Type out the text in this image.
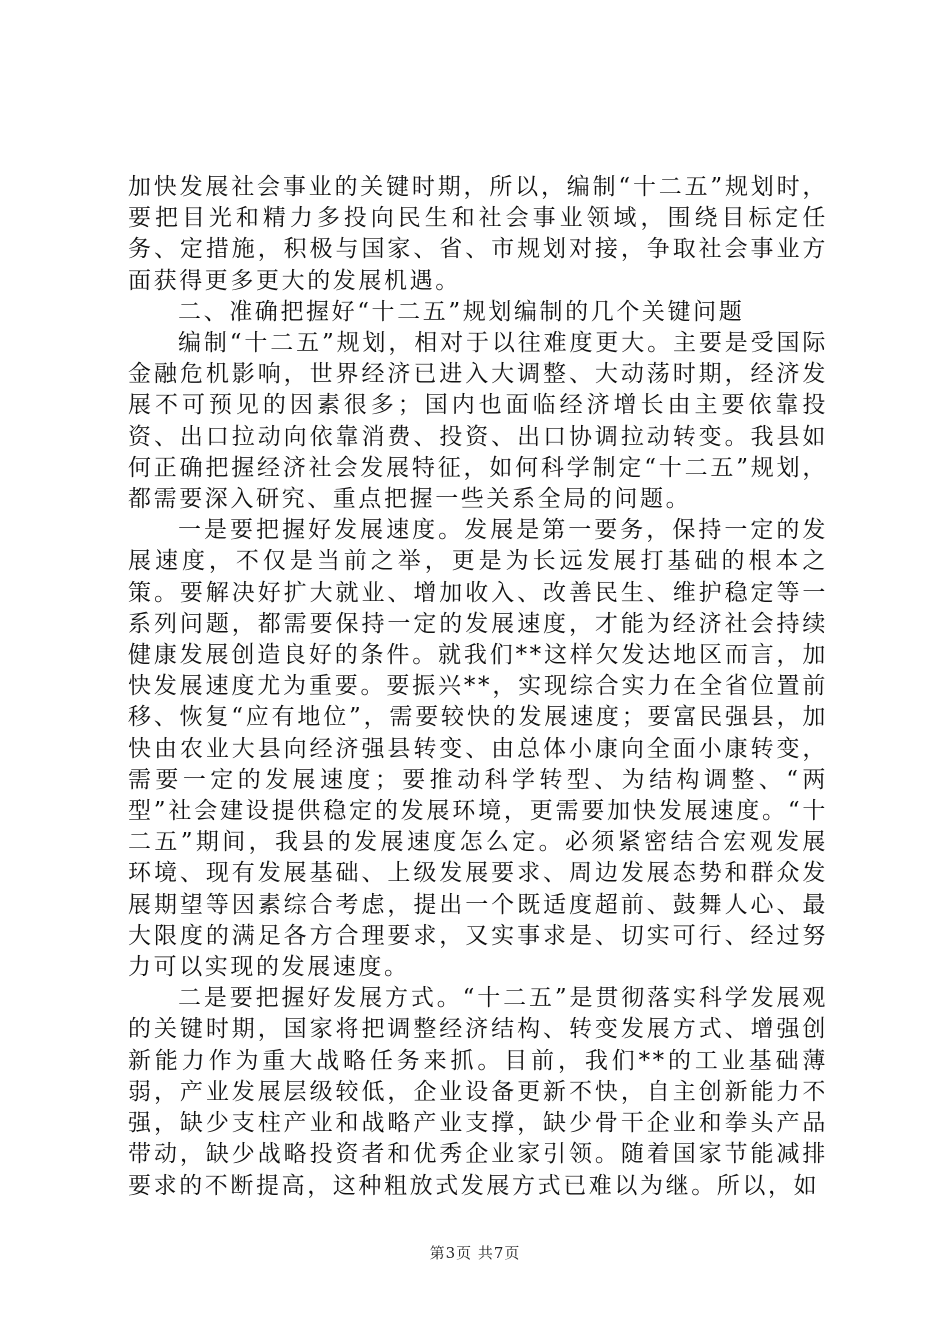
加快发展社会事业的关键时期，所以，编制“十二五”规划时，要把目光和精力多投向民生和社会事业领域，围绕目标定任务、定措施，积极与国家、省、市规划对接，争取社会事业方面获得更多更大的发展机遇。

二、准确把握好“十二五”规划编制的几个关键问题

编制“十二五”规划，相对于以往难度更大。主要是受国际金融危机影响，世界经济已进入大调整、大动荡时期，经济发展不可预见的因素很多；国内也面临经济增长由主要依靠投资、出口拉动向依靠消费、投资、出口协调拉动转变。我县如何正确把握经济社会发展特征，如何科学制定“十二五”规划，都需要深入研究、重点把握一些关系全局的问题。

一是要把握好发展速度。发展是第一要务，保持一定的发展速度，不仅是当前之举，更是为长远发展打基础的根本之策。要解决好扩大就业、增加收入、改善民生、维护稳定等一系列问题，都需要保持一定的发展速度，才能为经济社会持续健康发展创造良好的条件。就我们**这样欠发达地区而言，加快发展速度尤为重要。要振兴**，实现综合实力在全省位置前移、恢复“应有地位”，需要较快的发展速度；要富民强县，加快由农业大县向经济强县转变、由总体小康向全面小康转变，需要一定的发展速度；要推动科学转型、为结构调整、“两型”社会建设提供稳定的发展环境，更需要加快发展速度。“十二五”期间，我县的发展速度怎么定。必须紧密结合宏观发展环境、现有发展基础、上级发展要求、周边发展态势和群众发展期望等因素综合考虑，提出一个既适度超前、鼓舞人心、最大限度的满足各方合理要求，又实事求是、切实可行、经过努力可以实现的发展速度。

二是要把握好发展方式。“十二五”是贯彻落实科学发展观的关键时期，国家将把调整经济结构、转变发展方式、增强创新能力作为重大战略任务来抓。目前，我们**的工业基础薄弱，产业发展层级较低，企业设备更新不快，自主创新能力不强，缺少支柱产业和战略产业支撑，缺少骨干企业和拳头产品带动，缺少战略投资者和优秀企业家引领。随着国家节能减排要求的不断提高，这种粗放式发展方式已难以为继。所以，如

第3页 共7页
